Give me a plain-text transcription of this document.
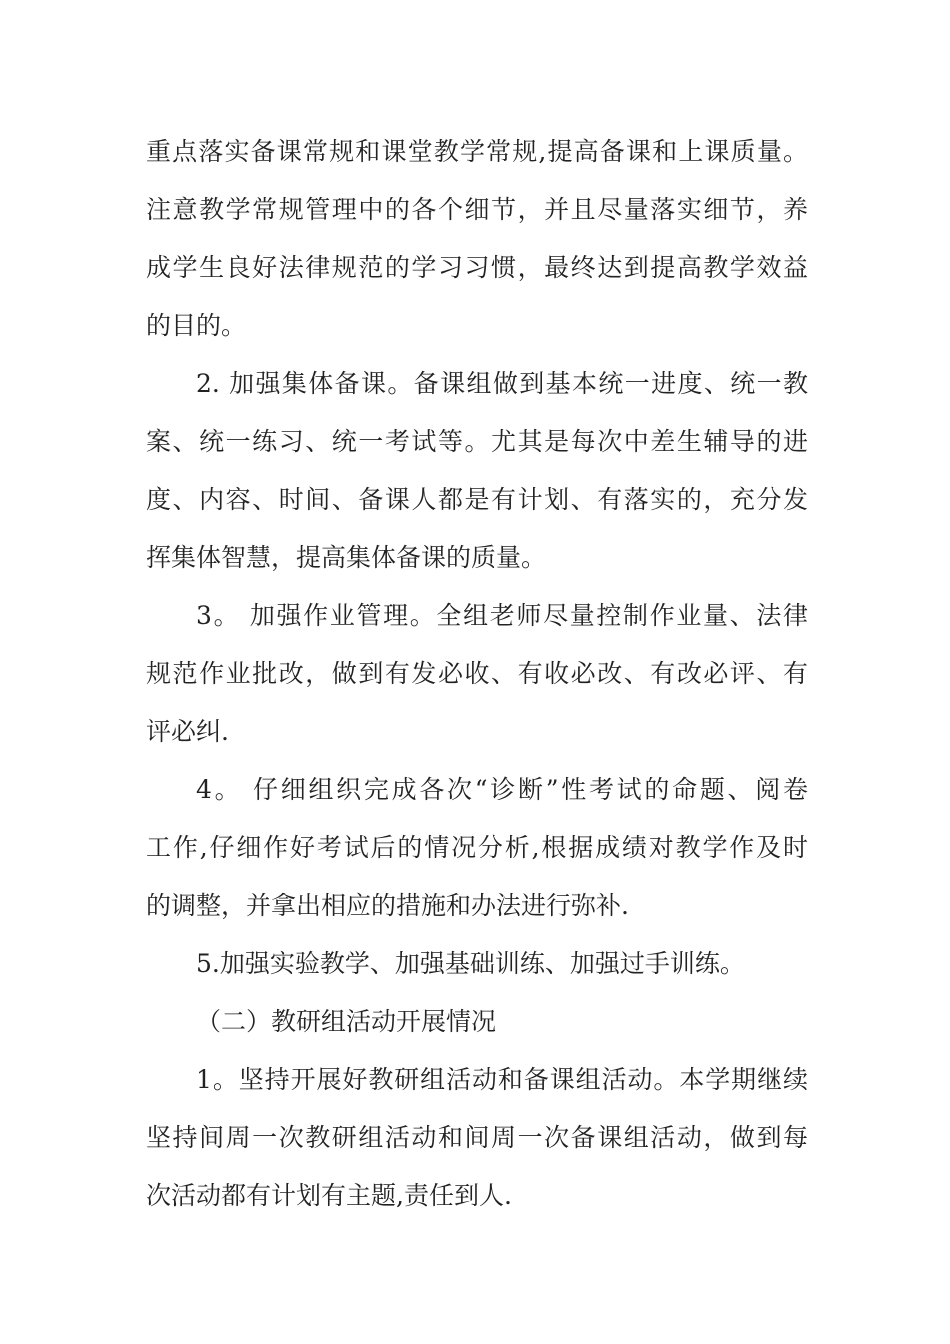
重点落实备课常规和课堂教学常规,提高备课和上课质量。
注意教学常规管理中的各个细节，并且尽量落实细节，养
成学生良好法律规范的学习习惯，最终达到提高教学效益
的目的。
2. 加强集体备课。备课组做到基本统一进度、统一教
案、统一练习、统一考试等。尤其是每次中差生辅导的进
度、内容、时间、备课人都是有计划、有落实的，充分发
挥集体智慧，提高集体备课的质量。
3。 加强作业管理。全组老师尽量控制作业量、法律
规范作业批改，做到有发必收、有收必改、有改必评、有
评必纠.
4。 仔细组织完成各次“诊断”性考试的命题、阅卷
工作,仔细作好考试后的情况分析,根据成绩对教学作及时
的调整，并拿出相应的措施和办法进行弥补.
5.加强实验教学、加强基础训练、加强过手训练。
（二）教研组活动开展情况
1。坚持开展好教研组活动和备课组活动。本学期继续
坚持间周一次教研组活动和间周一次备课组活动，做到每
次活动都有计划有主题,责任到人.
